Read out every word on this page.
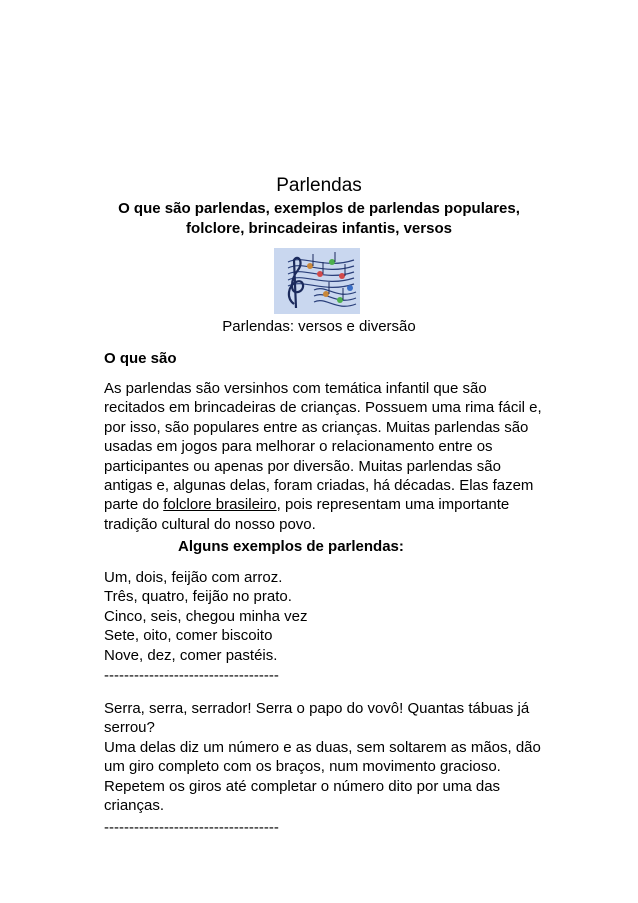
Parlendas
O que são parlendas, exemplos de parlendas populares, folclore, brincadeiras infantis, versos
Parlendas: versos e diversão

O que são

As parlendas são versinhos com temática infantil que são recitados em brincadeiras de crianças. Possuem uma rima fácil e, por isso, são populares entre as crianças. Muitas parlendas são usadas em jogos para melhorar o relacionamento entre os participantes ou apenas por diversão. Muitas parlendas são antigas e, algunas delas, foram criadas, há décadas. Elas fazem parte do folclore brasileiro, pois representam uma importante tradição cultural do nosso povo.

Alguns exemplos de parlendas:

Um, dois, feijão com arroz.
Três, quatro, feijão no prato.
Cinco, seis, chegou minha vez
Sete, oito, comer biscoito
Nove, dez, comer pastéis.
-----------------------------------
Serra, serra, serrador! Serra o papo do vovô! Quantas tábuas já serrou?
Uma delas diz um número e as duas, sem soltarem as mãos, dão um giro completo com os braços, num movimento gracioso. Repetem os giros até completar o número dito por uma das crianças.
-----------------------------------
